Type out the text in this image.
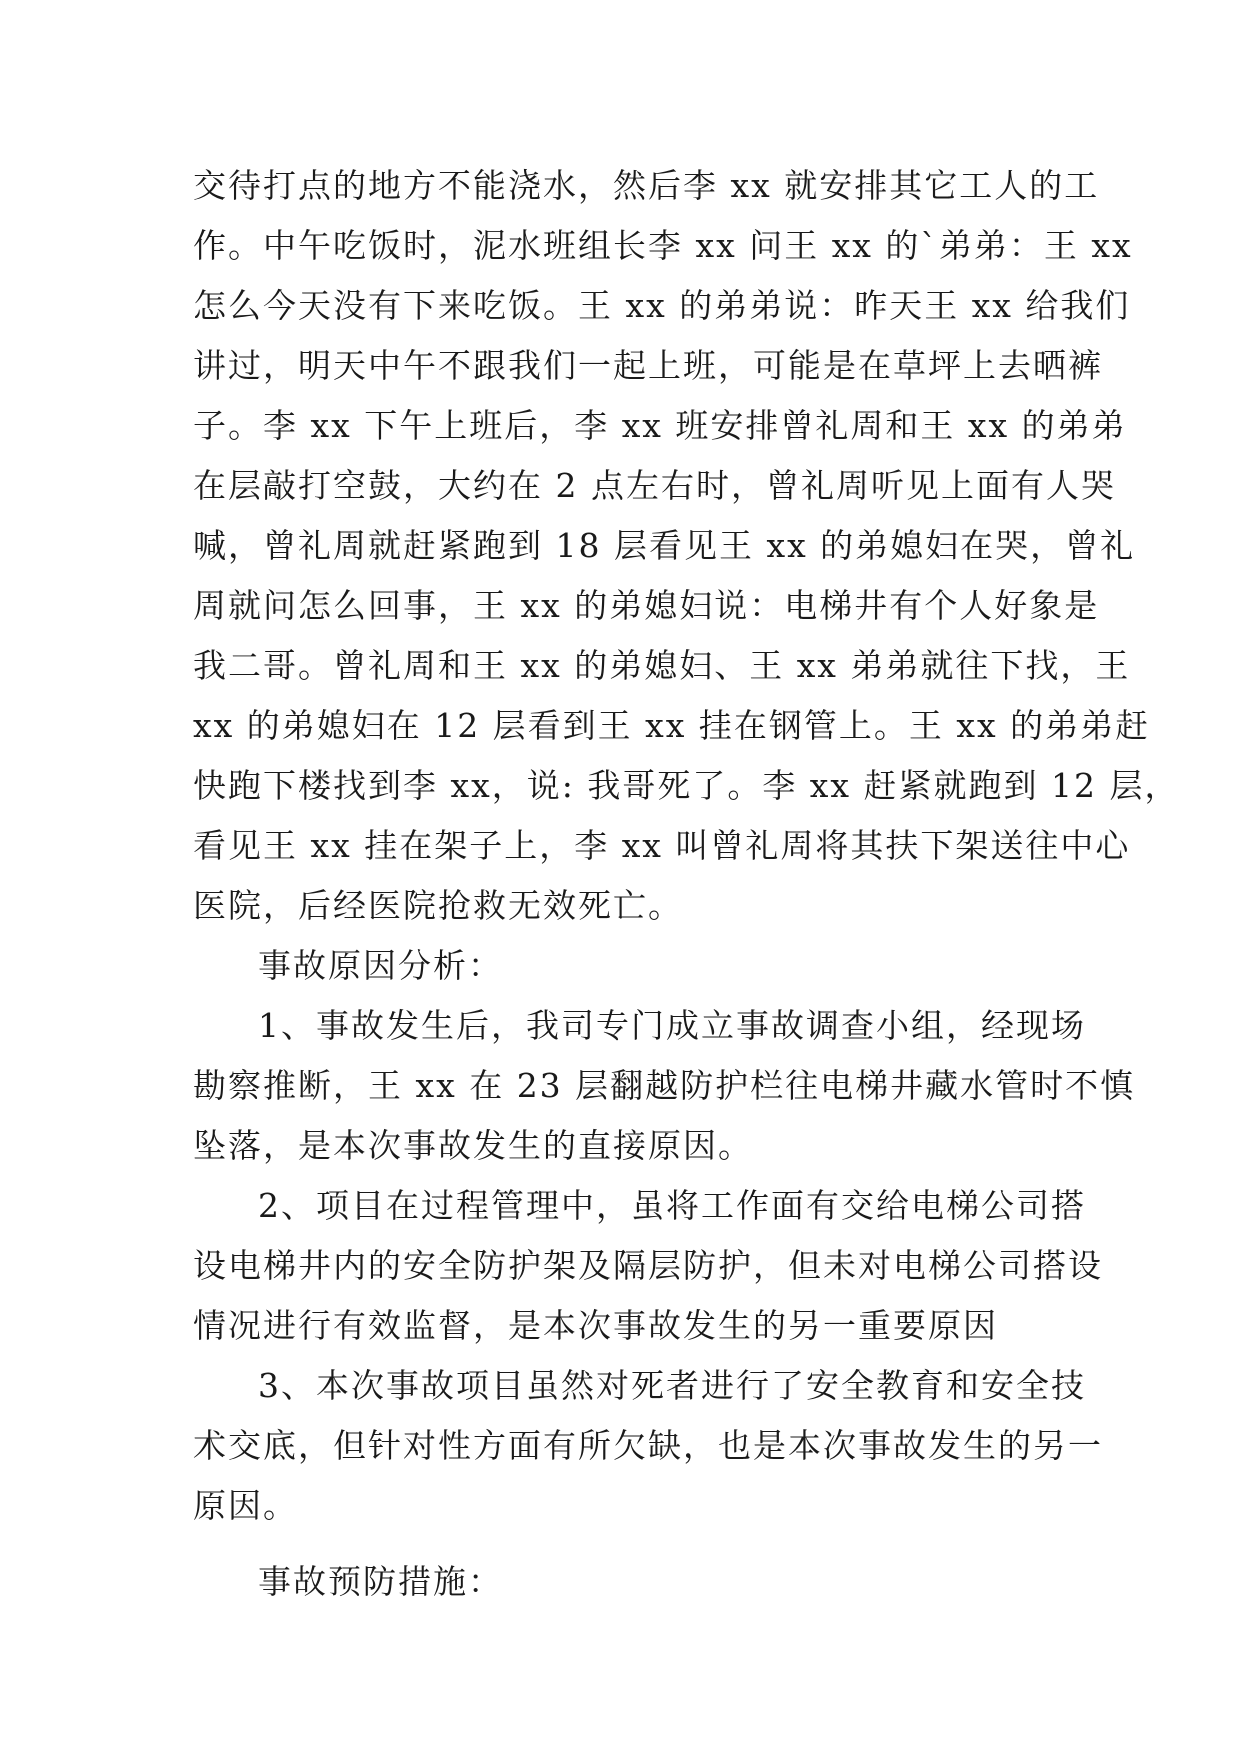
交待打点的地方不能浇水，然后李 xx 就安排其它工人的工
作。中午吃饭时，泥水班组长李 xx 问王 xx 的`弟弟：王 xx
怎么今天没有下来吃饭。王 xx 的弟弟说：昨天王 xx 给我们
讲过，明天中午不跟我们一起上班，可能是在草坪上去晒裤
子。李 xx 下午上班后，李 xx 班安排曾礼周和王 xx 的弟弟
在层敲打空鼓，大约在 2 点左右时，曾礼周听见上面有人哭
喊，曾礼周就赶紧跑到 18 层看见王 xx 的弟媳妇在哭，曾礼
周就问怎么回事，王 xx 的弟媳妇说：电梯井有个人好象是
我二哥。曾礼周和王 xx 的弟媳妇、王 xx 弟弟就往下找，王
xx 的弟媳妇在 12 层看到王 xx 挂在钢管上。王 xx 的弟弟赶
快跑下楼找到李 xx，说: 我哥死了。李 xx 赶紧就跑到 12 层，
看见王 xx 挂在架子上，李 xx 叫曾礼周将其扶下架送往中心
医院，后经医院抢救无效死亡。
事故原因分析：
1、事故发生后，我司专门成立事故调查小组，经现场
勘察推断，王 xx 在 23 层翻越防护栏往电梯井藏水管时不慎
坠落，是本次事故发生的直接原因。
2、项目在过程管理中，虽将工作面有交给电梯公司搭
设电梯井内的安全防护架及隔层防护，但未对电梯公司搭设
情况进行有效监督，是本次事故发生的另一重要原因
3、本次事故项目虽然对死者进行了安全教育和安全技
术交底，但针对性方面有所欠缺，也是本次事故发生的另一
原因。
事故预防措施：
